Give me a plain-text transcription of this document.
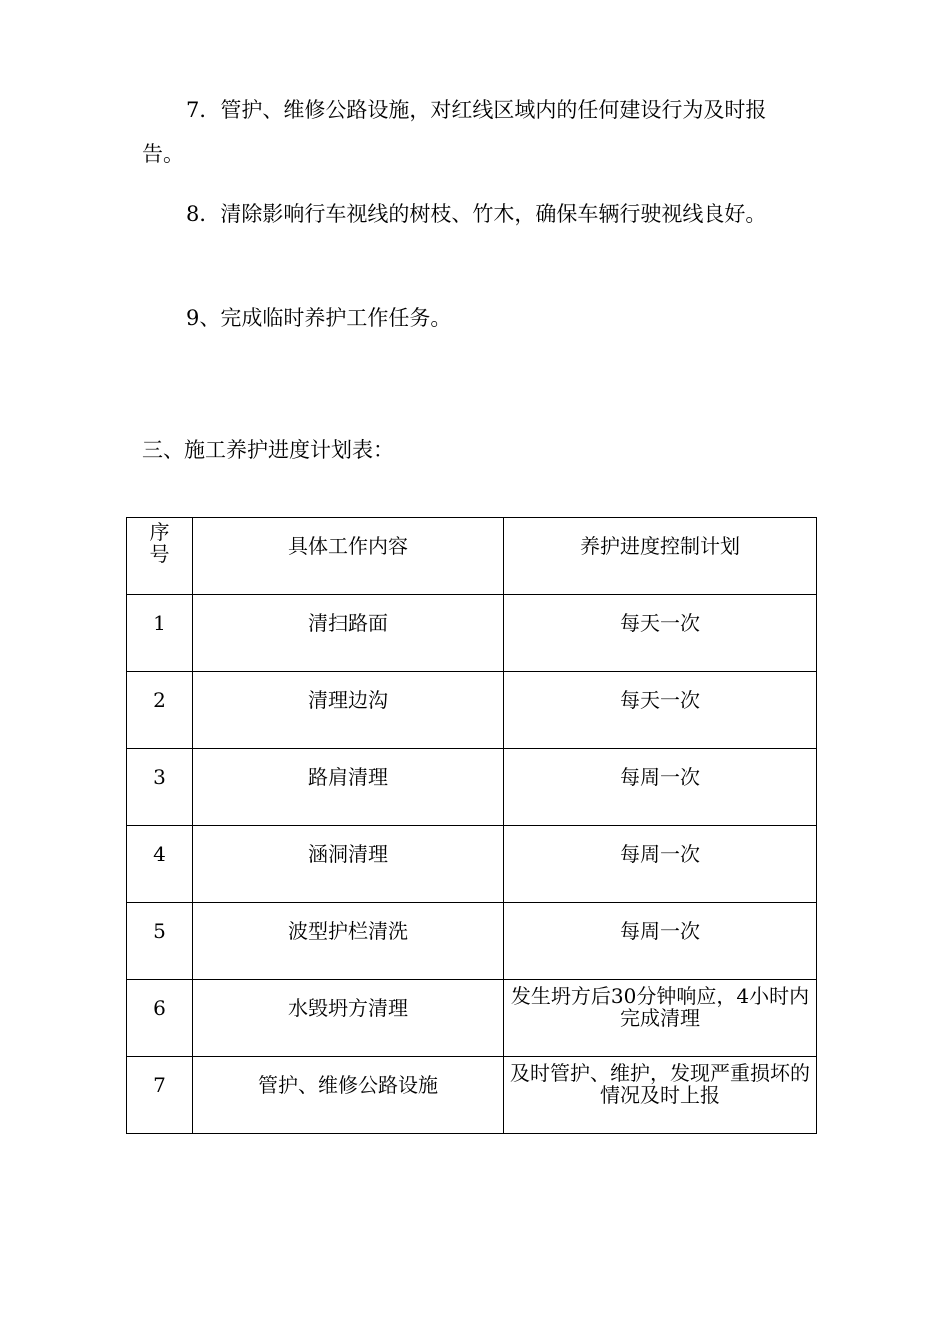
7．管护、维修公路设施，对红线区域内的任何建设行为及时报告。

8．清除影响行车视线的树枝、竹木，确保车辆行驶视线良好。

9、完成临时养护工作任务。

三、施工养护进度计划表：

序号	具体工作内容	养护进度控制计划

1	清扫路面	每天一次

2	清理边沟	每天一次

3	路肩清理	每周一次

4	涵洞清理	每周一次

5	波型护栏清洗	每周一次

6	水毁坍方清理	发生坍方后30分钟响应，4小时内完成清理

7	管护、维修公路设施	及时管护、维护，发现严重损坏的情况及时上报
